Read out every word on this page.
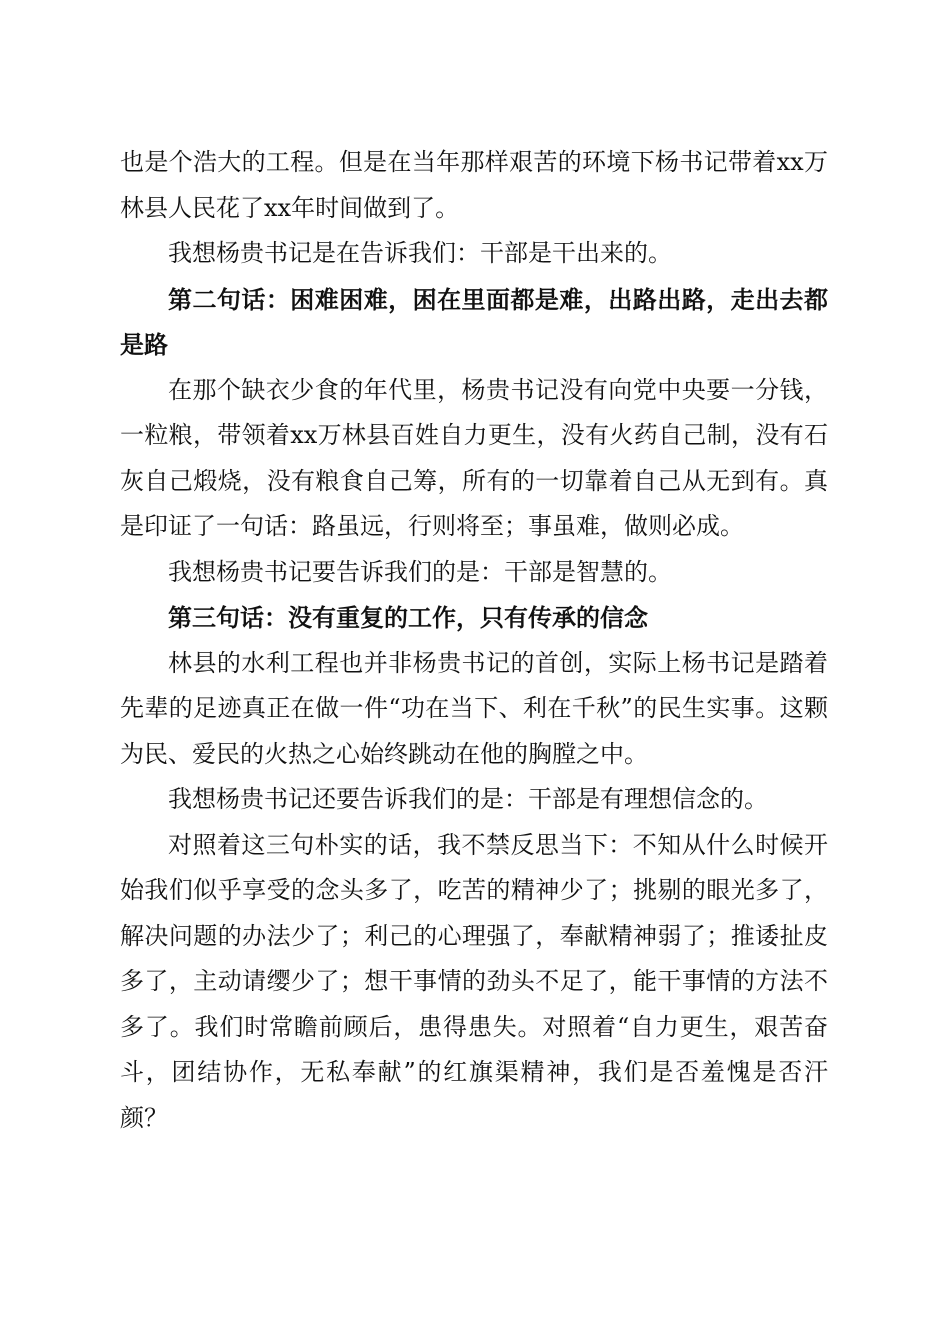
也是个浩大的工程。但是在当年那样艰苦的环境下杨书记带着xx万林县人民花了xx年时间做到了。

我想杨贵书记是在告诉我们：干部是干出来的。

第二句话：困难困难，困在里面都是难，出路出路，走出去都是路

在那个缺衣少食的年代里，杨贵书记没有向党中央要一分钱，一粒粮，带领着xx万林县百姓自力更生，没有火药自己制，没有石灰自己煅烧，没有粮食自己筹，所有的一切靠着自己从无到有。真是印证了一句话：路虽远，行则将至；事虽难，做则必成。

我想杨贵书记要告诉我们的是：干部是智慧的。

第三句话：没有重复的工作，只有传承的信念

林县的水利工程也并非杨贵书记的首创，实际上杨书记是踏着先辈的足迹真正在做一件“功在当下、利在千秋”的民生实事。这颗为民、爱民的火热之心始终跳动在他的胸膛之中。

我想杨贵书记还要告诉我们的是：干部是有理想信念的。

对照着这三句朴实的话，我不禁反思当下：不知从什么时候开始我们似乎享受的念头多了，吃苦的精神少了；挑剔的眼光多了，解决问题的办法少了；利己的心理强了，奉献精神弱了；推诿扯皮多了，主动请缨少了；想干事情的劲头不足了，能干事情的方法不多了。我们时常瞻前顾后，患得患失。对照着“自力更生，艰苦奋斗，团结协作，无私奉献”的红旗渠精神，我们是否羞愧是否汗颜？
